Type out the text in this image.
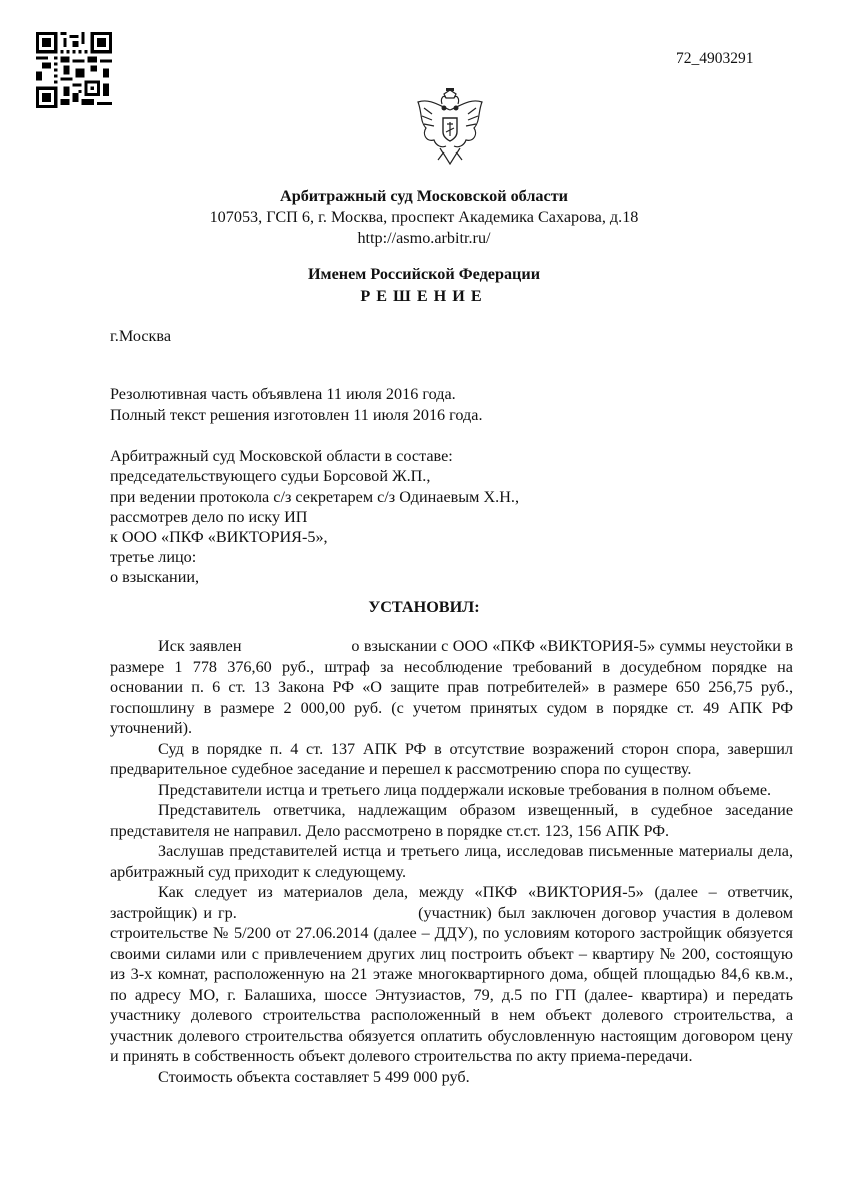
72_4903291
Арбитражный суд Московской области
107053, ГСП 6, г. Москва, проспект Академика Сахарова, д.18
http://asmo.arbitr.ru/
Именем Российской Федерации
РЕШЕНИЕ
г.Москва
Резолютивная часть объявлена 11 июля 2016 года.
Полный текст решения изготовлен 11 июля 2016 года.
Арбитражный суд Московской области в составе:
председательствующего судьи Борсовой Ж.П.,
при ведении протокола с/з секретарем с/з Одинаевым Х.Н.,
рассмотрев дело по иску ИП
к ООО «ПКФ «ВИКТОРИЯ-5»,
третье лицо:
о взыскании,
УСТАНОВИЛ:

Иск заявлен                         о взыскании с ООО «ПКФ «ВИКТОРИЯ-5» суммы неустойки в размере 1 778 376,60 руб., штраф за несоблюдение требований в досудебном порядке на основании п. 6 ст. 13 Закона РФ «О защите прав потребителей» в размере 650 256,75 руб., госпошлину в размере 2 000,00 руб. (с учетом принятых судом в порядке ст. 49 АПК РФ уточнений).

Суд в порядке п. 4 ст. 137 АПК РФ в отсутствие возражений сторон спора, завершил предварительное судебное заседание и перешел к рассмотрению спора по существу.

Представители истца и третьего лица поддержали исковые требования в полном объеме.

Представитель ответчика, надлежащим образом извещенный, в судебное заседание представителя не направил. Дело рассмотрено в порядке ст.ст. 123, 156 АПК РФ.

Заслушав представителей истца и третьего лица, исследовав письменные материалы дела, арбитражный суд приходит к следующему.

Как следует из материалов дела, между «ПКФ «ВИКТОРИЯ-5» (далее – ответчик, застройщик) и гр.                              (участник) был заключен договор участия в долевом строительстве № 5/200 от 27.06.2014 (далее – ДДУ), по условиям которого застройщик обязуется своими силами или с привлечением других лиц построить объект – квартиру № 200, состоящую из 3-х комнат, расположенную на 21 этаже многоквартирного дома, общей площадью 84,6 кв.м., по адресу МО, г. Балашиха, шоссе Энтузиастов, 79, д.5 по ГП (далее- квартира) и передать участнику долевого строительства расположенный в нем объект долевого строительства, а участник долевого строительства обязуется оплатить обусловленную настоящим договором цену и принять в собственность объект долевого строительства по акту приема-передачи.

Стоимость объекта составляет 5 499 000 руб.
